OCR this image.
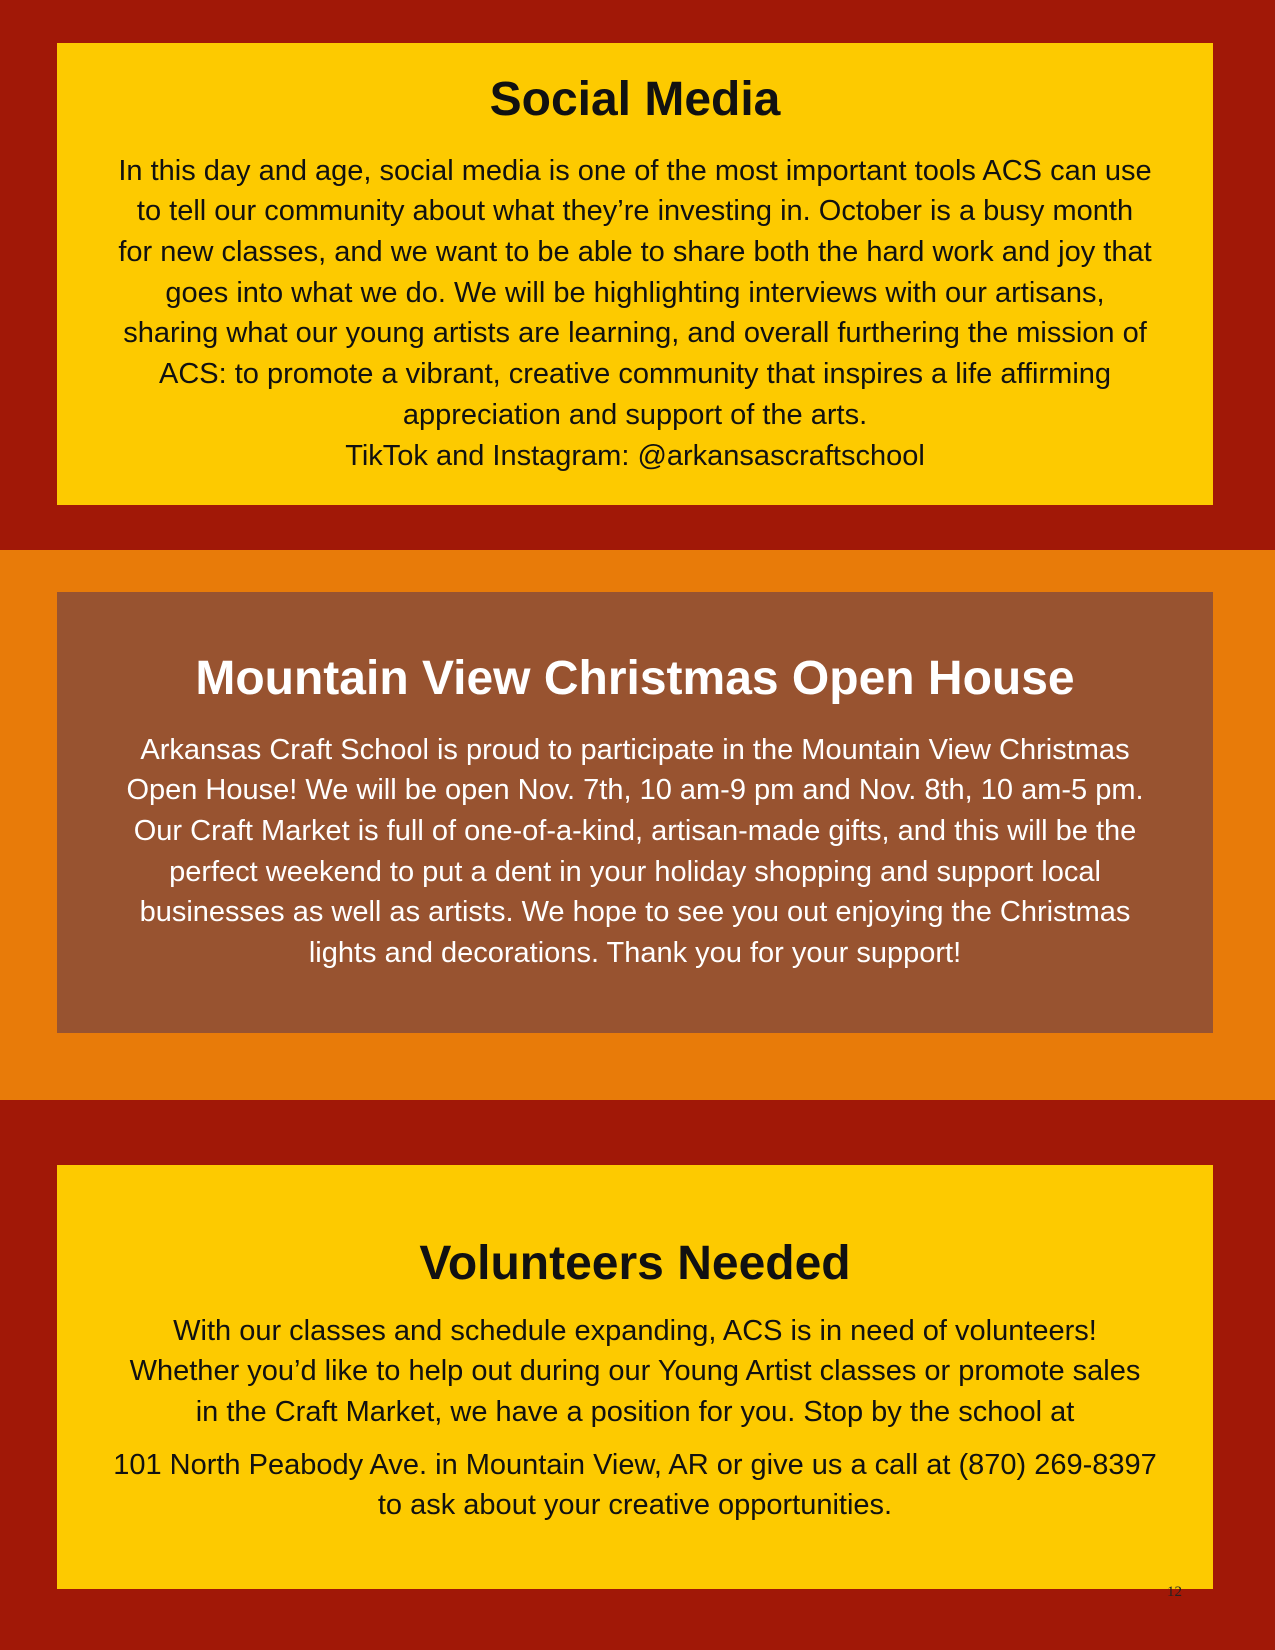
Social Media

In this day and age, social media is one of the most important tools ACS can use
to tell our community about what they’re investing in. October is a busy month
for new classes, and we want to be able to share both the hard work and joy that
goes into what we do. We will be highlighting interviews with our artisans,
sharing what our young artists are learning, and overall furthering the mission of
ACS: to promote a vibrant, creative community that inspires a life affirming
appreciation and support of the arts.
TikTok and Instagram: @arkansascraftschool

Mountain View Christmas Open House

Arkansas Craft School is proud to participate in the Mountain View Christmas
Open House! We will be open Nov. 7th, 10 am-9 pm and Nov. 8th, 10 am-5 pm.
Our Craft Market is full of one-of-a-kind, artisan-made gifts, and this will be the
perfect weekend to put a dent in your holiday shopping and support local
businesses as well as artists. We hope to see you out enjoying the Christmas
lights and decorations. Thank you for your support!

Volunteers Needed

With our classes and schedule expanding, ACS is in need of volunteers!
Whether you’d like to help out during our Young Artist classes or promote sales
in the Craft Market, we have a position for you. Stop by the school at
101 North Peabody Ave. in Mountain View, AR or give us a call at (870) 269-8397
to ask about your creative opportunities.

12
